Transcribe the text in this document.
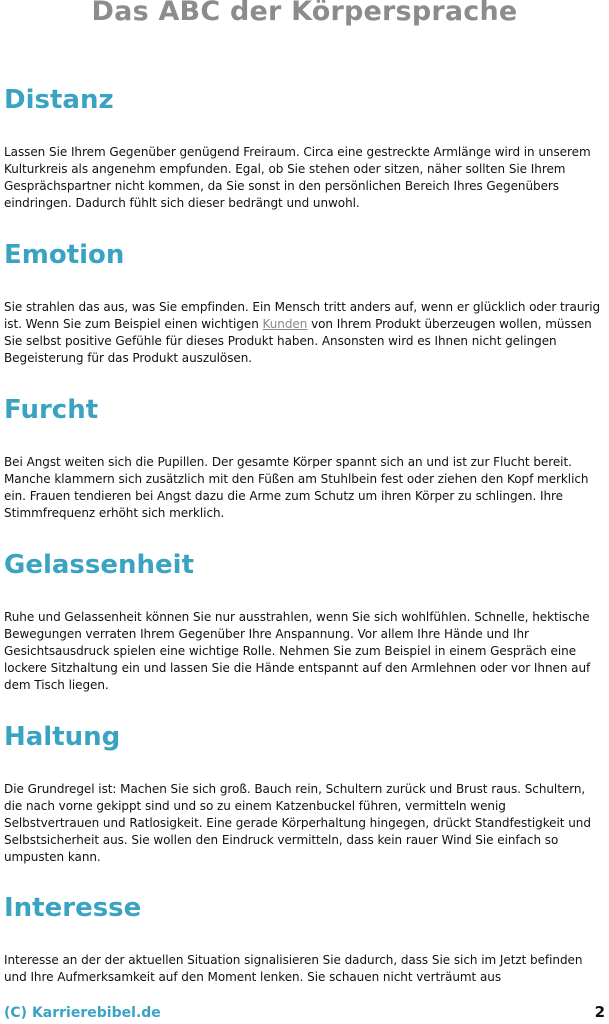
Das ABC der Körpersprache
Distanz

Lassen Sie Ihrem Gegenüber genügend Freiraum. Circa eine gestreckte Armlänge wird in unserem Kulturkreis als angenehm empfunden. Egal, ob Sie stehen oder sitzen, näher sollten Sie Ihrem Gesprächspartner nicht kommen, da Sie sonst in den persönlichen Bereich Ihres Gegenübers eindringen. Dadurch fühlt sich dieser bedrängt und unwohl.

Emotion

Sie strahlen das aus, was Sie empfinden. Ein Mensch tritt anders auf, wenn er glücklich oder traurig ist. Wenn Sie zum Beispiel einen wichtigen Kunden von Ihrem Produkt überzeugen wollen, müssen Sie selbst positive Gefühle für dieses Produkt haben. Ansonsten wird es Ihnen nicht gelingen Begeisterung für das Produkt auszulösen.

Furcht

Bei Angst weiten sich die Pupillen. Der gesamte Körper spannt sich an und ist zur Flucht bereit. Manche klammern sich zusätzlich mit den Füßen am Stuhlbein fest oder ziehen den Kopf merklich ein. Frauen tendieren bei Angst dazu die Arme zum Schutz um ihren Körper zu schlingen. Ihre Stimmfrequenz erhöht sich merklich.

Gelassenheit

Ruhe und Gelassenheit können Sie nur ausstrahlen, wenn Sie sich wohlfühlen. Schnelle, hektische Bewegungen verraten Ihrem Gegenüber Ihre Anspannung. Vor allem Ihre Hände und Ihr Gesichtsausdruck spielen eine wichtige Rolle. Nehmen Sie zum Beispiel in einem Gespräch eine lockere Sitzhaltung ein und lassen Sie die Hände entspannt auf den Armlehnen oder vor Ihnen auf dem Tisch liegen.

Haltung

Die Grundregel ist: Machen Sie sich groß. Bauch rein, Schultern zurück und Brust raus. Schultern, die nach vorne gekippt sind und so zu einem Katzenbuckel führen, vermitteln wenig Selbstvertrauen und Ratlosigkeit. Eine gerade Körperhaltung hingegen, drückt Standfestigkeit und Selbstsicherheit aus. Sie wollen den Eindruck vermitteln, dass kein rauer Wind Sie einfach so umpusten kann.

Interesse

Interesse an der der aktuellen Situation signalisieren Sie dadurch, dass Sie sich im Jetzt befinden und Ihre Aufmerksamkeit auf den Moment lenken. Sie schauen nicht verträumt aus

(C) Karrierebibel.de	2
